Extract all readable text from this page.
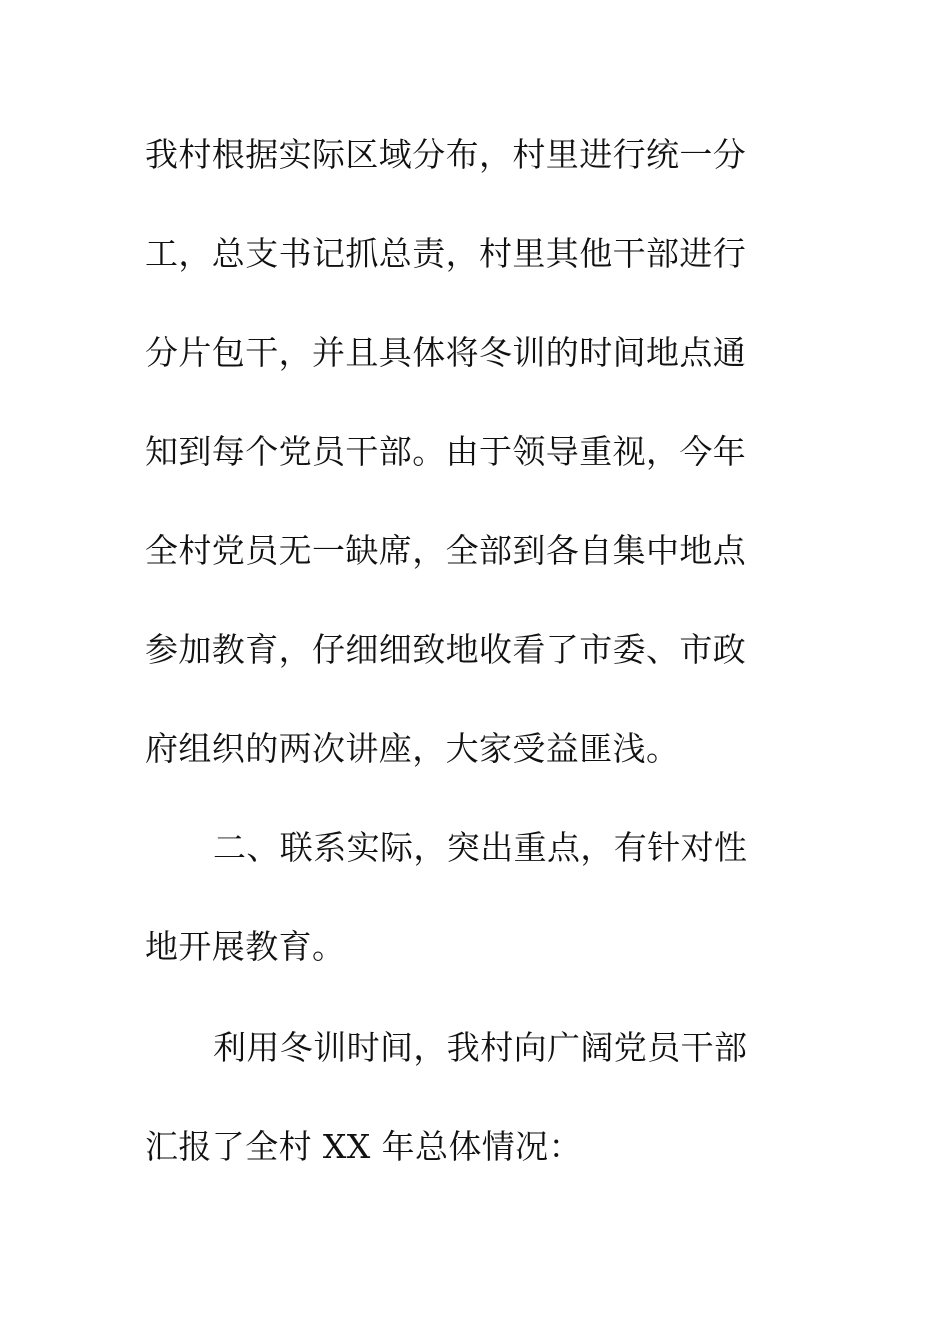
我村根据实际区域分布，村里进行统一分
工，总支书记抓总责，村里其他干部进行
分片包干，并且具体将冬训的时间地点通
知到每个党员干部。由于领导重视，今年
全村党员无一缺席，全部到各自集中地点
参加教育，仔细细致地收看了市委、市政
府组织的两次讲座，大家受益匪浅。
二、联系实际，突出重点，有针对性
地开展教育。
利用冬训时间，我村向广阔党员干部
汇报了全村 XX 年总体情况：
